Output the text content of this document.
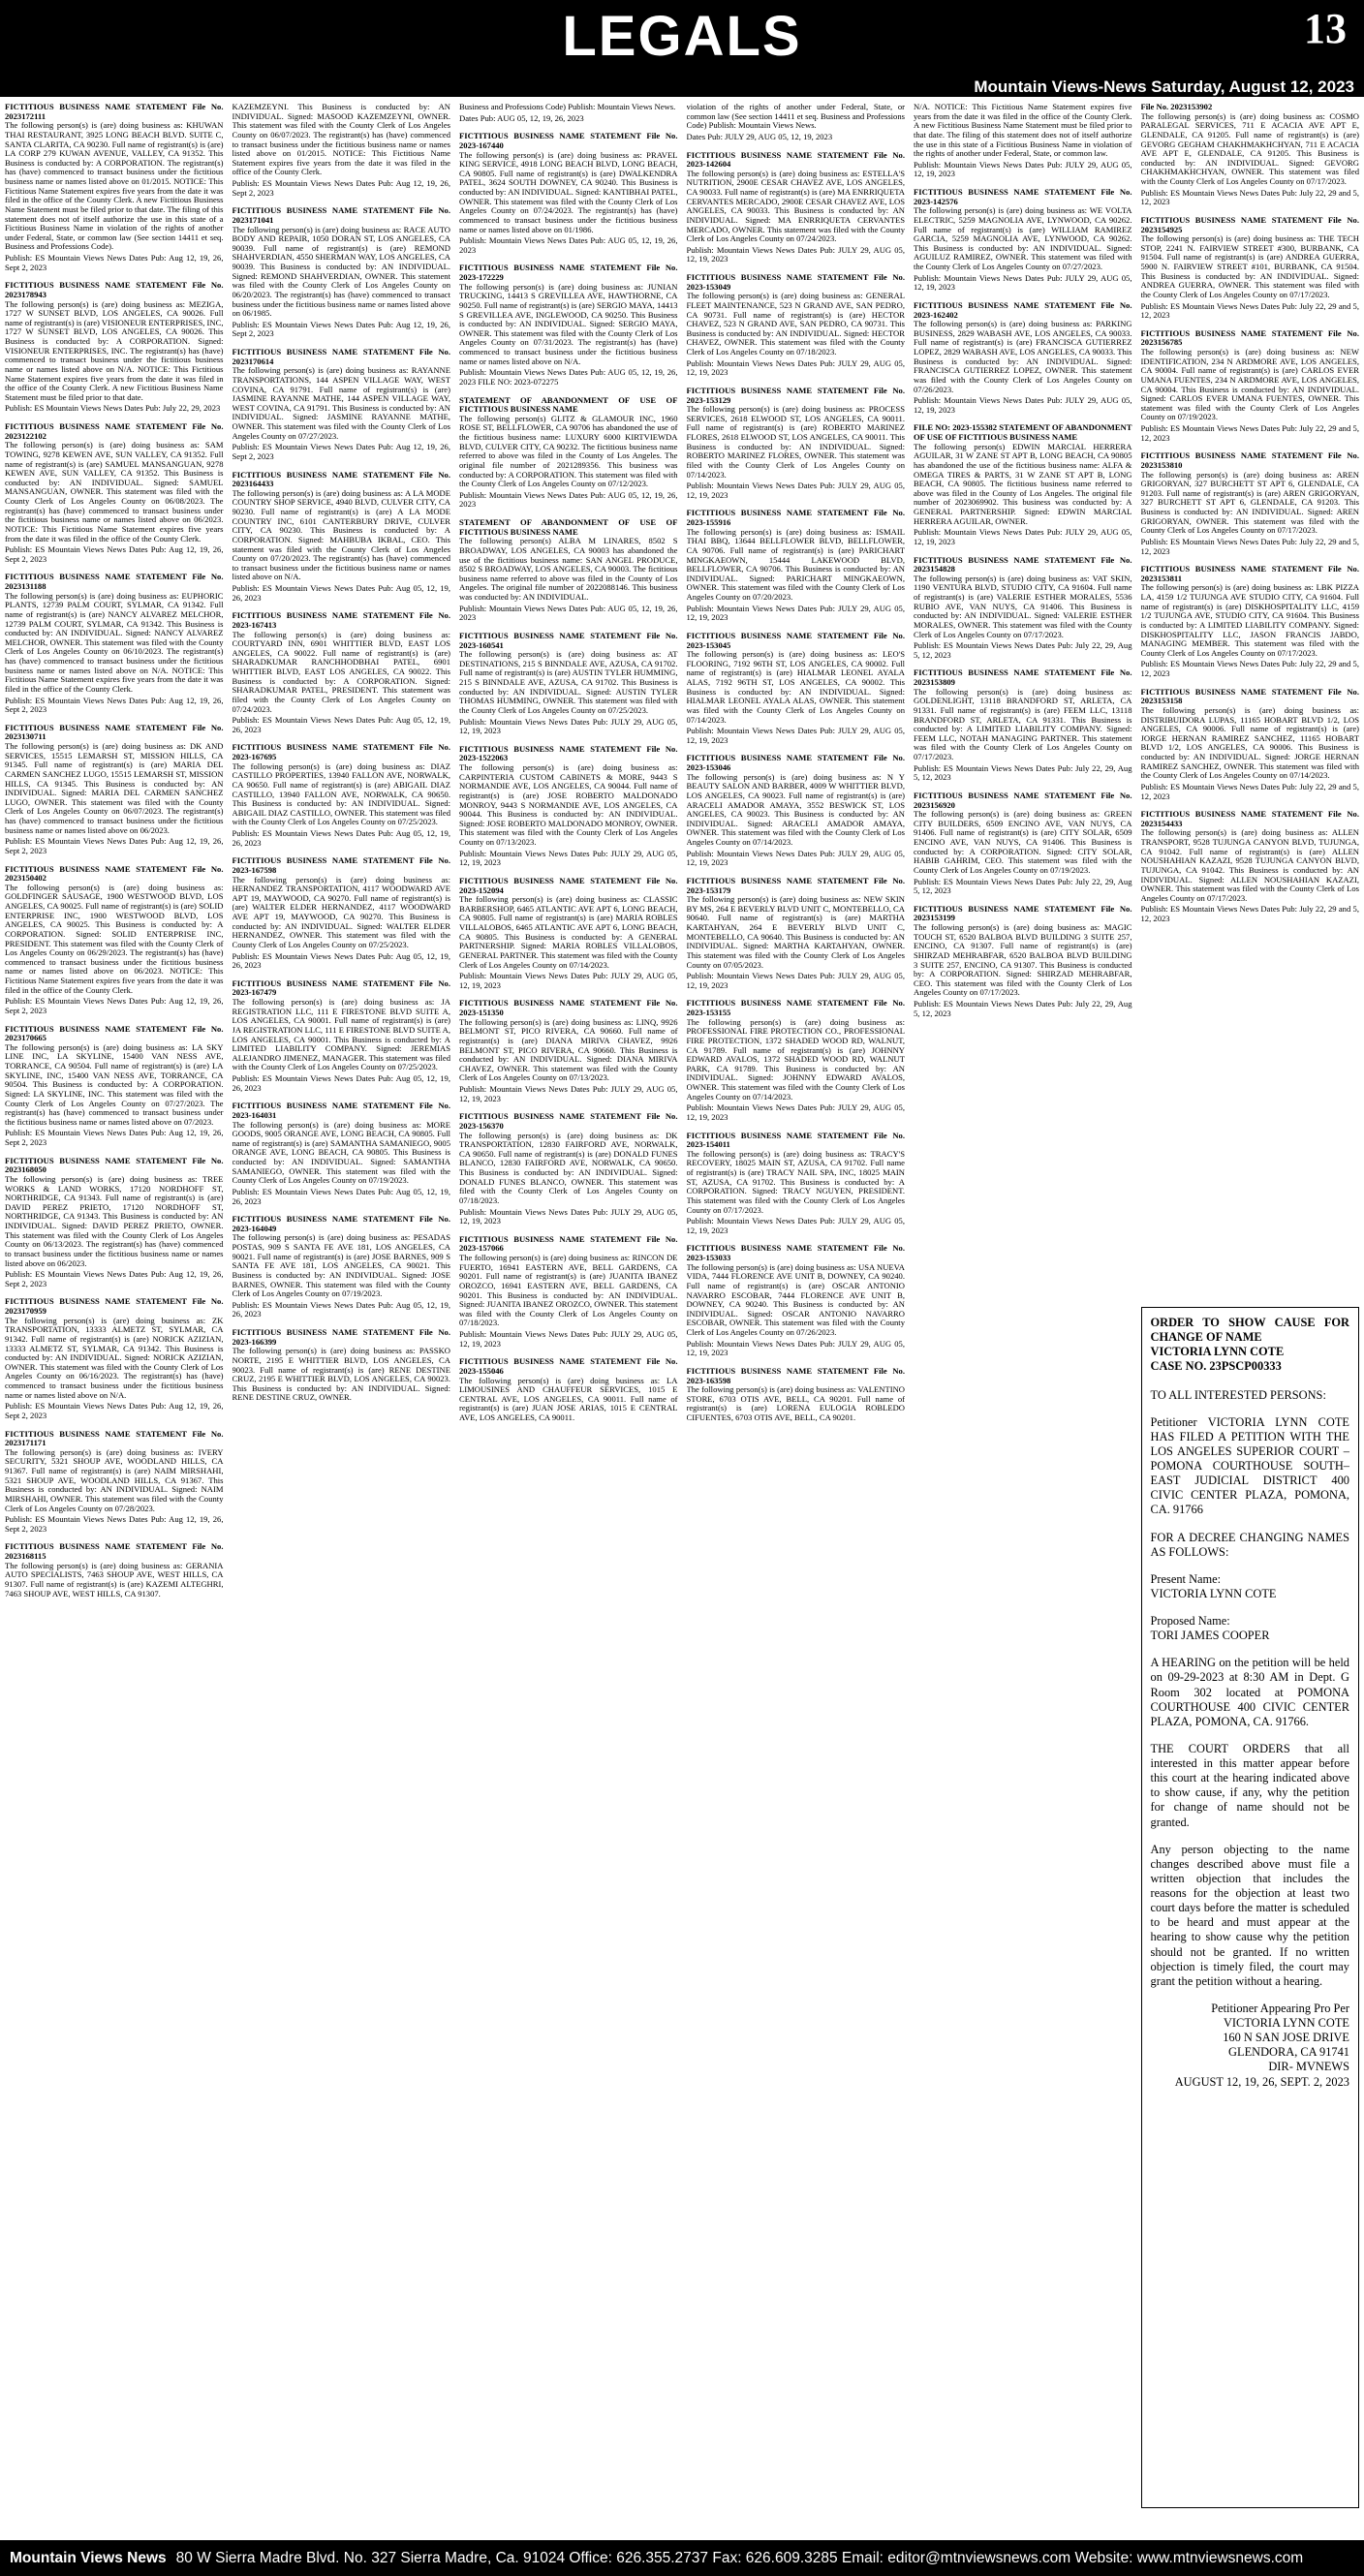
LEGALS	13
Mountain Views-News Saturday, August 12, 2023

FICTITIOUS BUSINESS NAME STATEMENT File No. 2023172111

The following person(s) is (are) doing business as: KHUWAN THAI RESTAURANT, 3925 LONG BEACH BLVD. SUITE C, SANTA CLARITA, CA 90230. Full name of registrant(s) is (are) LA CORP 279 KUWAN AVENUE, VALLEY, CA 91352. This Business is conducted by: A CORPORATION. The registrant(s) has (have) commenced to transact business under the fictitious business name or names listed above on 01/2015. NOTICE: This Fictitious Name Statement expires five years from the date it was filed in the office of the County Clerk. A new Fictitious Business Name Statement must be filed prior to that date. The filing of this statement does not of itself authorize the use in this state of a Fictitious Business Name in violation of the rights of another under Federal, State, or common law (See section 14411 et seq. Business and Professions Code).

Publish: ES Mountain Views News Dates Pub: Aug 12, 19, 26, Sept 2, 2023

FICTITIOUS BUSINESS NAME STATEMENT File No. 2023178943

The following person(s) is (are) doing business as: MEZIGA, 1727 W SUNSET BLVD, LOS ANGELES, CA 90026. Full name of registrant(s) is (are) VISIONEUR ENTERPRISES, INC, 1727 W SUNSET BLVD, LOS ANGELES, CA 90026. This Business is conducted by: A CORPORATION. Signed: VISIONEUR ENTERPRISES, INC. The registrant(s) has (have) commenced to transact business under the fictitious business name or names listed above on N/A. NOTICE: This Fictitious Name Statement expires five years from the date it was filed in the office of the County Clerk. A new Fictitious Business Name Statement must be filed prior to that date.

Publish: ES Mountain Views News Dates Pub: July 22, 29, 2023

FICTITIOUS BUSINESS NAME STATEMENT File No. 2023122102

The following person(s) is (are) doing business as: SAM TOWING, 9278 KEWEN AVE, SUN VALLEY, CA 91352. Full name of registrant(s) is (are) SAMUEL MANSANGUAN, 9278 KEWEN AVE, SUN VALLEY, CA 91352. This Business is conducted by: AN INDIVIDUAL. Signed: SAMUEL MANSANGUAN, OWNER. This statement was filed with the County Clerk of Los Angeles County on 06/08/2023. The registrant(s) has (have) commenced to transact business under the fictitious business name or names listed above on 06/2023. NOTICE: This Fictitious Name Statement expires five years from the date it was filed in the office of the County Clerk.

Publish: ES Mountain Views News Dates Pub: Aug 12, 19, 26, Sept 2, 2023

FICTITIOUS BUSINESS NAME STATEMENT File No. 2023131188

The following person(s) is (are) doing business as: EUPHORIC PLANTS, 12739 PALM COURT, SYLMAR, CA 91342. Full name of registrant(s) is (are) NANCY ALVAREZ MELCHOR, 12739 PALM COURT, SYLMAR, CA 91342. This Business is conducted by: AN INDIVIDUAL. Signed: NANCY ALVAREZ MELCHOR, OWNER. This statement was filed with the County Clerk of Los Angeles County on 06/10/2023. The registrant(s) has (have) commenced to transact business under the fictitious business name or names listed above on N/A. NOTICE: This Fictitious Name Statement expires five years from the date it was filed in the office of the County Clerk.

Publish: ES Mountain Views News Dates Pub: Aug 12, 19, 26, Sept 2, 2023

FICTITIOUS BUSINESS NAME STATEMENT File No. 2023130711

The following person(s) is (are) doing business as: DK AND SERVICES, 15515 LEMARSH ST, MISSION HILLS, CA 91345. Full name of registrant(s) is (are) MARIA DEL CARMEN SANCHEZ LUGO, 15515 LEMARSH ST, MISSION HILLS, CA 91345. This Business is conducted by: AN INDIVIDUAL. Signed: MARIA DEL CARMEN SANCHEZ LUGO, OWNER. This statement was filed with the County Clerk of Los Angeles County on 06/07/2023. The registrant(s) has (have) commenced to transact business under the fictitious business name or names listed above on 06/2023.

Publish: ES Mountain Views News Dates Pub: Aug 12, 19, 26, Sept 2, 2023

FICTITIOUS BUSINESS NAME STATEMENT File No. 2023150402

The following person(s) is (are) doing business as: GOLDFINGER SAUSAGE, 1900 WESTWOOD BLVD, LOS ANGELES, CA 90025. Full name of registrant(s) is (are) SOLID ENTERPRISE INC, 1900 WESTWOOD BLVD, LOS ANGELES, CA 90025. This Business is conducted by: A CORPORATION. Signed: SOLID ENTERPRISE INC, PRESIDENT. This statement was filed with the County Clerk of Los Angeles County on 06/29/2023. The registrant(s) has (have) commenced to transact business under the fictitious business name or names listed above on 06/2023. NOTICE: This Fictitious Name Statement expires five years from the date it was filed in the office of the County Clerk.

Publish: ES Mountain Views News Dates Pub: Aug 12, 19, 26, Sept 2, 2023

FICTITIOUS BUSINESS NAME STATEMENT File No. 2023170665

The following person(s) is (are) doing business as: LA SKY LINE INC, LA SKYLINE, 15400 VAN NESS AVE, TORRANCE, CA 90504. Full name of registrant(s) is (are) LA SKYLINE, INC, 15400 VAN NESS AVE, TORRANCE, CA 90504. This Business is conducted by: A CORPORATION. Signed: LA SKYLINE, INC. This statement was filed with the County Clerk of Los Angeles County on 07/27/2023. The registrant(s) has (have) commenced to transact business under the fictitious business name or names listed above on 07/2023.

Publish: ES Mountain Views News Dates Pub: Aug 12, 19, 26, Sept 2, 2023

FICTITIOUS BUSINESS NAME STATEMENT File No. 2023168050

The following person(s) is (are) doing business as: TREE WORKS & LAND WORKS, 17120 NORDHOFF ST, NORTHRIDGE, CA 91343. Full name of registrant(s) is (are) DAVID PEREZ PRIETO, 17120 NORDHOFF ST, NORTHRIDGE, CA 91343. This Business is conducted by: AN INDIVIDUAL. Signed: DAVID PEREZ PRIETO, OWNER. This statement was filed with the County Clerk of Los Angeles County on 06/13/2023. The registrant(s) has (have) commenced to transact business under the fictitious business name or names listed above on 06/2023.

Publish: ES Mountain Views News Dates Pub: Aug 12, 19, 26, Sept 2, 2023

FICTITIOUS BUSINESS NAME STATEMENT File No. 2023170959

The following person(s) is (are) doing business as: ZK TRANSPORTATION, 13333 ALMETZ ST, SYLMAR, CA 91342. Full name of registrant(s) is (are) NORICK AZIZIAN, 13333 ALMETZ ST, SYLMAR, CA 91342. This Business is conducted by: AN INDIVIDUAL. Signed: NORICK AZIZIAN, OWNER. This statement was filed with the County Clerk of Los Angeles County on 06/16/2023. The registrant(s) has (have) commenced to transact business under the fictitious business name or names listed above on N/A.

Publish: ES Mountain Views News Dates Pub: Aug 12, 19, 26, Sept 2, 2023

FICTITIOUS BUSINESS NAME STATEMENT File No. 2023171171

The following person(s) is (are) doing business as: IVERY SECURITY, 5321 SHOUP AVE, WOODLAND HILLS, CA 91367. Full name of registrant(s) is (are) NAIM MIRSHAHI, 5321 SHOUP AVE, WOODLAND HILLS, CA 91367. This Business is conducted by: AN INDIVIDUAL. Signed: NAIM MIRSHAHI, OWNER. This statement was filed with the County Clerk of Los Angeles County on 07/28/2023.

Publish: ES Mountain Views News Dates Pub: Aug 12, 19, 26, Sept 2, 2023

FICTITIOUS BUSINESS NAME STATEMENT File No. 2023168115

The following person(s) is (are) doing business as: GERANIA AUTO SPECIALISTS, 7463 SHOUP AVE, WEST HILLS, CA 91307. Full name of registrant(s) is (are) KAZEMI ALTEGHRI, 7463 SHOUP AVE, WEST HILLS, CA 91307.

KAZEMZEYNI. This Business is conducted by: AN INDIVIDUAL. Signed: MASOOD KAZEMZEYNI, OWNER. This statement was filed with the County Clerk of Los Angeles County on 06/07/2023. The registrant(s) has (have) commenced to transact business under the fictitious business name or names listed above on 01/2015. NOTICE: This Fictitious Name Statement expires five years from the date it was filed in the office of the County Clerk.

Publish: ES Mountain Views News Dates Pub: Aug 12, 19, 26, Sept 2, 2023

FICTITIOUS BUSINESS NAME STATEMENT File No. 2023171041

The following person(s) is (are) doing business as: RACE AUTO BODY AND REPAIR, 1050 DORAN ST, LOS ANGELES, CA 90039. Full name of registrant(s) is (are) REMOND SHAHVERDIAN, 4550 SHERMAN WAY, LOS ANGELES, CA 90039. This Business is conducted by: AN INDIVIDUAL. Signed: REMOND SHAHVERDIAN, OWNER. This statement was filed with the County Clerk of Los Angeles County on 06/20/2023. The registrant(s) has (have) commenced to transact business under the fictitious business name or names listed above on 06/1985.

Publish: ES Mountain Views News Dates Pub: Aug 12, 19, 26, Sept 2, 2023

FICTITIOUS BUSINESS NAME STATEMENT File No. 2023170614

The following person(s) is (are) doing business as: RAYANNE TRANSPORTATIONS, 144 ASPEN VILLAGE WAY, WEST COVINA, CA 91791. Full name of registrant(s) is (are) JASMINE RAYANNE MATHE, 144 ASPEN VILLAGE WAY, WEST COVINA, CA 91791. This Business is conducted by: AN INDIVIDUAL. Signed: JASMINE RAYANNE MATHE, OWNER. This statement was filed with the County Clerk of Los Angeles County on 07/27/2023.

Publish: ES Mountain Views News Dates Pub: Aug 12, 19, 26, Sept 2, 2023

FICTITIOUS BUSINESS NAME STATEMENT File No. 2023164433

The following person(s) is (are) doing business as: A LA MODE COUNTRY SHOP SERVICE, 4940 BLVD, CULVER CITY, CA 90230. Full name of registrant(s) is (are) A LA MODE COUNTRY INC, 6101 CANTERBURY DRIVE, CULVER CITY, CA 90230. This Business is conducted by: A CORPORATION. Signed: MAHBUBA IKBAL, CEO. This statement was filed with the County Clerk of Los Angeles County on 07/20/2023. The registrant(s) has (have) commenced to transact business under the fictitious business name or names listed above on N/A.

Publish: ES Mountain Views News Dates Pub: Aug 05, 12, 19, 26, 2023

FICTITIOUS BUSINESS NAME STATEMENT File No. 2023-167413

The following person(s) is (are) doing business as: COURTYARD INN, 6901 WHITTIER BLVD, EAST LOS ANGELES, CA 90022. Full name of registrant(s) is (are) SHARADKUMAR RANCHHODBHAI PATEL, 6901 WHITTIER BLVD, EAST LOS ANGELES, CA 90022. This Business is conducted by: A CORPORATION. Signed: SHARADKUMAR PATEL, PRESIDENT. This statement was filed with the County Clerk of Los Angeles County on 07/24/2023.

Publish: ES Mountain Views News Dates Pub: Aug 05, 12, 19, 26, 2023

FICTITIOUS BUSINESS NAME STATEMENT File No. 2023-167695

The following person(s) is (are) doing business as: DIAZ CASTILLO PROPERTIES, 13940 FALLON AVE, NORWALK, CA 90650. Full name of registrant(s) is (are) ABIGAIL DIAZ CASTILLO, 13940 FALLON AVE, NORWALK, CA 90650. This Business is conducted by: AN INDIVIDUAL. Signed: ABIGAIL DIAZ CASTILLO, OWNER. This statement was filed with the County Clerk of Los Angeles County on 07/25/2023.

Publish: ES Mountain Views News Dates Pub: Aug 05, 12, 19, 26, 2023

FICTITIOUS BUSINESS NAME STATEMENT File No. 2023-167598

The following person(s) is (are) doing business as: HERNANDEZ TRANSPORTATION, 4117 WOODWARD AVE APT 19, MAYWOOD, CA 90270. Full name of registrant(s) is (are) WALTER ELDER HERNANDEZ, 4117 WOODWARD AVE APT 19, MAYWOOD, CA 90270. This Business is conducted by: AN INDIVIDUAL. Signed: WALTER ELDER HERNANDEZ, OWNER. This statement was filed with the County Clerk of Los Angeles County on 07/25/2023.

Publish: ES Mountain Views News Dates Pub: Aug 05, 12, 19, 26, 2023

FICTITIOUS BUSINESS NAME STATEMENT File No. 2023-167479

The following person(s) is (are) doing business as: JA REGISTRATION LLC, 111 E FIRESTONE BLVD SUITE A, LOS ANGELES, CA 90001. Full name of registrant(s) is (are) JA REGISTRATION LLC, 111 E FIRESTONE BLVD SUITE A, LOS ANGELES, CA 90001. This Business is conducted by: A LIMITED LIABILITY COMPANY. Signed: JEREMIAS ALEJANDRO JIMENEZ, MANAGER. This statement was filed with the County Clerk of Los Angeles County on 07/25/2023.

Publish: ES Mountain Views News Dates Pub: Aug 05, 12, 19, 26, 2023

FICTITIOUS BUSINESS NAME STATEMENT File No. 2023-164031

The following person(s) is (are) doing business as: MORE GOODS, 9005 ORANGE AVE, LONG BEACH, CA 90805. Full name of registrant(s) is (are) SAMANTHA SAMANIEGO, 9005 ORANGE AVE, LONG BEACH, CA 90805. This Business is conducted by: AN INDIVIDUAL. Signed: SAMANTHA SAMANIEGO, OWNER. This statement was filed with the County Clerk of Los Angeles County on 07/19/2023.

Publish: ES Mountain Views News Dates Pub: Aug 05, 12, 19, 26, 2023

FICTITIOUS BUSINESS NAME STATEMENT File No. 2023-164049

The following person(s) is (are) doing business as: PESADAS POSTAS, 909 S SANTA FE AVE 181, LOS ANGELES, CA 90021. Full name of registrant(s) is (are) JOSE BARNES, 909 S SANTA FE AVE 181, LOS ANGELES, CA 90021. This Business is conducted by: AN INDIVIDUAL. Signed: JOSE BARNES, OWNER. This statement was filed with the County Clerk of Los Angeles County on 07/19/2023.

Publish: ES Mountain Views News Dates Pub: Aug 05, 12, 19, 26, 2023

FICTITIOUS BUSINESS NAME STATEMENT File No. 2023-166399

The following person(s) is (are) doing business as: PASSKO NORTE, 2195 E WHITTIER BLVD, LOS ANGELES, CA 90023. Full name of registrant(s) is (are) RENE DESTINE CRUZ, 2195 E WHITTIER BLVD, LOS ANGELES, CA 90023. This Business is conducted by: AN INDIVIDUAL. Signed: RENE DESTINE CRUZ, OWNER.

Business and Professions Code) Publish: Mountain Views News.

Dates Pub: AUG 05, 12, 19, 26, 2023

FICTITIOUS BUSINESS NAME STATEMENT File No. 2023-167440

The following person(s) is (are) doing business as: PRAVEL KING SERVICE, 4918 LONG BEACH BLVD, LONG BEACH, CA 90805. Full name of registrant(s) is (are) DWALKENDRA PATEL, 3624 SOUTH DOWNEY, CA 90240. This Business is conducted by: AN INDIVIDUAL. Signed: KANTIBHAI PATEL, OWNER. This statement was filed with the County Clerk of Los Angeles County on 07/24/2023. The registrant(s) has (have) commenced to transact business under the fictitious business name or names listed above on 01/1986.

Publish: Mountain Views News Dates Pub: AUG 05, 12, 19, 26, 2023

FICTITIOUS BUSINESS NAME STATEMENT File No. 2023-172229

The following person(s) is (are) doing business as: JUNIAN TRUCKING, 14413 S GREVILLEA AVE, HAWTHORNE, CA 90250. Full name of registrant(s) is (are) SERGIO MAYA, 14413 S GREVILLEA AVE, INGLEWOOD, CA 90250. This Business is conducted by: AN INDIVIDUAL. Signed: SERGIO MAYA, OWNER. This statement was filed with the County Clerk of Los Angeles County on 07/31/2023. The registrant(s) has (have) commenced to transact business under the fictitious business name or names listed above on N/A.

Publish: Mountain Views News Dates Pub: AUG 05, 12, 19, 26, 2023 FILE NO: 2023-072275

STATEMENT OF ABANDONMENT OF USE OF FICTITIOUS BUSINESS NAME

The following person(s) GLITZ & GLAMOUR INC, 1960 ROSE ST, BELLFLOWER, CA 90706 has abandoned the use of the fictitious business name: LUXURY 6000 KIRTVIEWDA BLVD, CULVER CITY, CA 90232. The fictitious business name referred to above was filed in the County of Los Angeles. The original file number of 2021289356. This business was conducted by: A CORPORATION. This statement was filed with the County Clerk of Los Angeles County on 07/12/2023.

Publish: Mountain Views News Dates Pub: AUG 05, 12, 19, 26, 2023

STATEMENT OF ABANDONMENT OF USE OF FICTITIOUS BUSINESS NAME

The following person(s) ALBA M LINARES, 8502 S BROADWAY, LOS ANGELES, CA 90003 has abandoned the use of the fictitious business name: SAN ANGEL PRODUCE, 8502 S BROADWAY, LOS ANGELES, CA 90003. The fictitious business name referred to above was filed in the County of Los Angeles. The original file number of 2022088146. This business was conducted by: AN INDIVIDUAL.

Publish: Mountain Views News Dates Pub: AUG 05, 12, 19, 26, 2023

FICTITIOUS BUSINESS NAME STATEMENT File No. 2023-160541

The following person(s) is (are) doing business as: AT DESTINATIONS, 215 S BINNDALE AVE, AZUSA, CA 91702. Full name of registrant(s) is (are) AUSTIN TYLER HUMMING, 215 S BINNDALE AVE, AZUSA, CA 91702. This Business is conducted by: AN INDIVIDUAL. Signed: AUSTIN TYLER THOMAS HUMMING, OWNER. This statement was filed with the County Clerk of Los Angeles County on 07/25/2023.

Publish: Mountain Views News Dates Pub: JULY 29, AUG 05, 12, 19, 2023

FICTITIOUS BUSINESS NAME STATEMENT File No. 2023-1522063

The following person(s) is (are) doing business as: CARPINTERIA CUSTOM CABINETS & MORE, 9443 S NORMANDIE AVE, LOS ANGELES, CA 90044. Full name of registrant(s) is (are) JOSE ROBERTO MALDONADO MONROY, 9443 S NORMANDIE AVE, LOS ANGELES, CA 90044. This Business is conducted by: AN INDIVIDUAL. Signed: JOSE ROBERTO MALDONADO MONROY, OWNER. This statement was filed with the County Clerk of Los Angeles County on 07/13/2023.

Publish: Mountain Views News Dates Pub: JULY 29, AUG 05, 12, 19, 2023

FICTITIOUS BUSINESS NAME STATEMENT File No. 2023-152094

The following person(s) is (are) doing business as: CLASSIC BARBERSHOP, 6465 ATLANTIC AVE APT 6, LONG BEACH, CA 90805. Full name of registrant(s) is (are) MARIA ROBLES VILLALOBOS, 6465 ATLANTIC AVE APT 6, LONG BEACH, CA 90805. This Business is conducted by: A GENERAL PARTNERSHIP. Signed: MARIA ROBLES VILLALOBOS, GENERAL PARTNER. This statement was filed with the County Clerk of Los Angeles County on 07/14/2023.

Publish: Mountain Views News Dates Pub: JULY 29, AUG 05, 12, 19, 2023

FICTITIOUS BUSINESS NAME STATEMENT File No. 2023-151350

The following person(s) is (are) doing business as: LINQ, 9926 BELMONT ST, PICO RIVERA, CA 90660. Full name of registrant(s) is (are) DIANA MIRIVA CHAVEZ, 9926 BELMONT ST, PICO RIVERA, CA 90660. This Business is conducted by: AN INDIVIDUAL. Signed: DIANA MIRIVA CHAVEZ, OWNER. This statement was filed with the County Clerk of Los Angeles County on 07/13/2023.

Publish: Mountain Views News Dates Pub: JULY 29, AUG 05, 12, 19, 2023

FICTITIOUS BUSINESS NAME STATEMENT File No. 2023-156370

The following person(s) is (are) doing business as: DK TRANSPORTATION, 12830 FAIRFORD AVE, NORWALK, CA 90650. Full name of registrant(s) is (are) DONALD FUNES BLANCO, 12830 FAIRFORD AVE, NORWALK, CA 90650. This Business is conducted by: AN INDIVIDUAL. Signed: DONALD FUNES BLANCO, OWNER. This statement was filed with the County Clerk of Los Angeles County on 07/18/2023.

Publish: Mountain Views News Dates Pub: JULY 29, AUG 05, 12, 19, 2023

FICTITIOUS BUSINESS NAME STATEMENT File No. 2023-157066

The following person(s) is (are) doing business as: RINCON DE FUERTO, 16941 EASTERN AVE, BELL GARDENS, CA 90201. Full name of registrant(s) is (are) JUANITA IBANEZ OROZCO, 16941 EASTERN AVE, BELL GARDENS, CA 90201. This Business is conducted by: AN INDIVIDUAL. Signed: JUANITA IBANEZ OROZCO, OWNER. This statement was filed with the County Clerk of Los Angeles County on 07/18/2023.

Publish: Mountain Views News Dates Pub: JULY 29, AUG 05, 12, 19, 2023

FICTITIOUS BUSINESS NAME STATEMENT File No. 2023-155046

The following person(s) is (are) doing business as: LA LIMOUSINES AND CHAUFFEUR SERVICES, 1015 E CENTRAL AVE, LOS ANGELES, CA 90011. Full name of registrant(s) is (are) JUAN JOSE ARIAS, 1015 E CENTRAL AVE, LOS ANGELES, CA 90011.

violation of the rights of another under Federal, State, or common law (See section 14411 et seq. Business and Professions Code) Publish: Mountain Views News.

Dates Pub: JULY 29, AUG 05, 12, 19, 2023

FICTITIOUS BUSINESS NAME STATEMENT File No. 2023-142604

The following person(s) is (are) doing business as: ESTELLA'S NUTRITION, 2900E CESAR CHAVEZ AVE, LOS ANGELES, CA 90033. Full name of registrant(s) is (are) MA ENRRIQUETA CERVANTES MERCADO, 2900E CESAR CHAVEZ AVE, LOS ANGELES, CA 90033. This Business is conducted by: AN INDIVIDUAL. Signed: MA ENRRIQUETA CERVANTES MERCADO, OWNER. This statement was filed with the County Clerk of Los Angeles County on 07/24/2023.

Publish: Mountain Views News Dates Pub: JULY 29, AUG 05, 12, 19, 2023

FICTITIOUS BUSINESS NAME STATEMENT File No. 2023-153049

The following person(s) is (are) doing business as: GENERAL FLEET MAINTENANCE, 523 N GRAND AVE, SAN PEDRO, CA 90731. Full name of registrant(s) is (are) HECTOR CHAVEZ, 523 N GRAND AVE, SAN PEDRO, CA 90731. This Business is conducted by: AN INDIVIDUAL. Signed: HECTOR CHAVEZ, OWNER. This statement was filed with the County Clerk of Los Angeles County on 07/18/2023.

Publish: Mountain Views News Dates Pub: JULY 29, AUG 05, 12, 19, 2023

FICTITIOUS BUSINESS NAME STATEMENT File No. 2023-153129

The following person(s) is (are) doing business as: PROCESS SERVICES, 2618 ELWOOD ST, LOS ANGELES, CA 90011. Full name of registrant(s) is (are) ROBERTO MARINEZ FLORES, 2618 ELWOOD ST, LOS ANGELES, CA 90011. This Business is conducted by: AN INDIVIDUAL. Signed: ROBERTO MARINEZ FLORES, OWNER. This statement was filed with the County Clerk of Los Angeles County on 07/14/2023.

Publish: Mountain Views News Dates Pub: JULY 29, AUG 05, 12, 19, 2023

FICTITIOUS BUSINESS NAME STATEMENT File No. 2023-155916

The following person(s) is (are) doing business as: ISMAIL THAI BBQ, 13644 BELLFLOWER BLVD, BELLFLOWER, CA 90706. Full name of registrant(s) is (are) PARICHART MINGKAEOWN, 15444 LAKEWOOD BLVD, BELLFLOWER, CA 90706. This Business is conducted by: AN INDIVIDUAL. Signed: PARICHART MINGKAEOWN, OWNER. This statement was filed with the County Clerk of Los Angeles County on 07/20/2023.

Publish: Mountain Views News Dates Pub: JULY 29, AUG 05, 12, 19, 2023

FICTITIOUS BUSINESS NAME STATEMENT File No. 2023-153045

The following person(s) is (are) doing business as: LEO'S FLOORING, 7192 96TH ST, LOS ANGELES, CA 90002. Full name of registrant(s) is (are) HIALMAR LEONEL AYALA ALAS, 7192 96TH ST, LOS ANGELES, CA 90002. This Business is conducted by: AN INDIVIDUAL. Signed: HIALMAR LEONEL AYALA ALAS, OWNER. This statement was filed with the County Clerk of Los Angeles County on 07/14/2023.

Publish: Mountain Views News Dates Pub: JULY 29, AUG 05, 12, 19, 2023

FICTITIOUS BUSINESS NAME STATEMENT File No. 2023-153046

The following person(s) is (are) doing business as: N Y BEAUTY SALON AND BARBER, 4009 W WHITTIER BLVD, LOS ANGELES, CA 90023. Full name of registrant(s) is (are) ARACELI AMADOR AMAYA, 3552 BESWICK ST, LOS ANGELES, CA 90023. This Business is conducted by: AN INDIVIDUAL. Signed: ARACELI AMADOR AMAYA, OWNER. This statement was filed with the County Clerk of Los Angeles County on 07/14/2023.

Publish: Mountain Views News Dates Pub: JULY 29, AUG 05, 12, 19, 2023

FICTITIOUS BUSINESS NAME STATEMENT File No. 2023-153179

The following person(s) is (are) doing business as: NEW SKIN BY MS, 264 E BEVERLY BLVD UNIT C, MONTEBELLO, CA 90640. Full name of registrant(s) is (are) MARTHA KARTAHYAN, 264 E BEVERLY BLVD UNIT C, MONTEBELLO, CA 90640. This Business is conducted by: AN INDIVIDUAL. Signed: MARTHA KARTAHYAN, OWNER. This statement was filed with the County Clerk of Los Angeles County on 07/05/2023.

Publish: Mountain Views News Dates Pub: JULY 29, AUG 05, 12, 19, 2023

FICTITIOUS BUSINESS NAME STATEMENT File No. 2023-153155

The following person(s) is (are) doing business as: PROFESSIONAL FIRE PROTECTION CO., PROFESSIONAL FIRE PROTECTION, 1372 SHADED WOOD RD, WALNUT, CA 91789. Full name of registrant(s) is (are) JOHNNY EDWARD AVALOS, 1372 SHADED WOOD RD, WALNUT PARK, CA 91789. This Business is conducted by: AN INDIVIDUAL. Signed: JOHNNY EDWARD AVALOS, OWNER. This statement was filed with the County Clerk of Los Angeles County on 07/14/2023.

Publish: Mountain Views News Dates Pub: JULY 29, AUG 05, 12, 19, 2023

FICTITIOUS BUSINESS NAME STATEMENT File No. 2023-154011

The following person(s) is (are) doing business as: TRACY'S RECOVERY, 18025 MAIN ST, AZUSA, CA 91702. Full name of registrant(s) is (are) TRACY NAIL SPA, INC, 18025 MAIN ST, AZUSA, CA 91702. This Business is conducted by: A CORPORATION. Signed: TRACY NGUYEN, PRESIDENT. This statement was filed with the County Clerk of Los Angeles County on 07/17/2023.

Publish: Mountain Views News Dates Pub: JULY 29, AUG 05, 12, 19, 2023

FICTITIOUS BUSINESS NAME STATEMENT File No. 2023-153033

The following person(s) is (are) doing business as: USA NUEVA VIDA, 7444 FLORENCE AVE UNIT B, DOWNEY, CA 90240. Full name of registrant(s) is (are) OSCAR ANTONIO NAVARRO ESCOBAR, 7444 FLORENCE AVE UNIT B, DOWNEY, CA 90240. This Business is conducted by: AN INDIVIDUAL. Signed: OSCAR ANTONIO NAVARRO ESCOBAR, OWNER. This statement was filed with the County Clerk of Los Angeles County on 07/26/2023.

Publish: Mountain Views News Dates Pub: JULY 29, AUG 05, 12, 19, 2023

FICTITIOUS BUSINESS NAME STATEMENT File No. 2023-163598

The following person(s) is (are) doing business as: VALENTINO STORE, 6703 OTIS AVE, BELL, CA 90201. Full name of registrant(s) is (are) LORENA EULOGIA ROBLEDO CIFUENTES, 6703 OTIS AVE, BELL, CA 90201.

N/A. NOTICE: This Fictitious Name Statement expires five years from the date it was filed in the office of the County Clerk. A new Fictitious Business Name Statement must be filed prior to that date. The filing of this statement does not of itself authorize the use in this state of a Fictitious Business Name in violation of the rights of another under Federal, State, or common law.

Publish: Mountain Views News Dates Pub: JULY 29, AUG 05, 12, 19, 2023

FICTITIOUS BUSINESS NAME STATEMENT File No. 2023-142576

The following person(s) is (are) doing business as: WE VOLTA ELECTRIC, 5259 MAGNOLIA AVE, LYNWOOD, CA 90262. Full name of registrant(s) is (are) WILLIAM RAMIREZ GARCIA, 5259 MAGNOLIA AVE, LYNWOOD, CA 90262. This Business is conducted by: AN INDIVIDUAL. Signed: AGUILUZ RAMIREZ, OWNER. This statement was filed with the County Clerk of Los Angeles County on 07/27/2023.

Publish: Mountain Views News Dates Pub: JULY 29, AUG 05, 12, 19, 2023

FICTITIOUS BUSINESS NAME STATEMENT File No. 2023-162402

The following person(s) is (are) doing business as: PARKING BUSINESS, 2829 WABASH AVE, LOS ANGELES, CA 90033. Full name of registrant(s) is (are) FRANCISCA GUTIERREZ LOPEZ, 2829 WABASH AVE, LOS ANGELES, CA 90033. This Business is conducted by: AN INDIVIDUAL. Signed: FRANCISCA GUTIERREZ LOPEZ, OWNER. This statement was filed with the County Clerk of Los Angeles County on 07/26/2023.

Publish: Mountain Views News Dates Pub: JULY 29, AUG 05, 12, 19, 2023

FILE NO: 2023-155382 STATEMENT OF ABANDONMENT OF USE OF FICTITIOUS BUSINESS NAME

The following person(s) EDWIN MARCIAL HERRERA AGUILAR, 31 W ZANE ST APT B, LONG BEACH, CA 90805 has abandoned the use of the fictitious business name: ALFA & OMEGA TIRES & PARTS, 31 W ZANE ST APT B, LONG BEACH, CA 90805. The fictitious business name referred to above was filed in the County of Los Angeles. The original file number of 2023069902. This business was conducted by: A GENERAL PARTNERSHIP. Signed: EDWIN MARCIAL HERRERA AGUILAR, OWNER.

Publish: Mountain Views News Dates Pub: JULY 29, AUG 05, 12, 19, 2023

FICTITIOUS BUSINESS NAME STATEMENT File No. 2023154828

The following person(s) is (are) doing business as: VAT SKIN, 1190 VENTURA BLVD, STUDIO CITY, CA 91604. Full name of registrant(s) is (are) VALERIE ESTHER MORALES, 5536 RUBIO AVE, VAN NUYS, CA 91406. This Business is conducted by: AN INDIVIDUAL. Signed: VALERIE ESTHER MORALES, OWNER. This statement was filed with the County Clerk of Los Angeles County on 07/17/2023.

Publish: ES Mountain Views News Dates Pub: July 22, 29, Aug 5, 12, 2023

FICTITIOUS BUSINESS NAME STATEMENT File No. 2023153809

The following person(s) is (are) doing business as: GOLDENLIGHT, 13118 BRANDFORD ST, ARLETA, CA 91331. Full name of registrant(s) is (are) FEEM LLC, 13118 BRANDFORD ST, ARLETA, CA 91331. This Business is conducted by: A LIMITED LIABILITY COMPANY. Signed: FEEM LLC, NOTAH MANAGING PARTNER. This statement was filed with the County Clerk of Los Angeles County on 07/17/2023.

Publish: ES Mountain Views News Dates Pub: July 22, 29, Aug 5, 12, 2023

FICTITIOUS BUSINESS NAME STATEMENT File No. 2023156920

The following person(s) is (are) doing business as: GREEN CITY BUILDERS, 6509 ENCINO AVE, VAN NUYS, CA 91406. Full name of registrant(s) is (are) CITY SOLAR, 6509 ENCINO AVE, VAN NUYS, CA 91406. This Business is conducted by: A CORPORATION. Signed: CITY SOLAR, HABIB GAHRIM, CEO. This statement was filed with the County Clerk of Los Angeles County on 07/19/2023.

Publish: ES Mountain Views News Dates Pub: July 22, 29, Aug 5, 12, 2023

FICTITIOUS BUSINESS NAME STATEMENT File No. 2023153199

The following person(s) is (are) doing business as: MAGIC TOUCH ST, 6520 BALBOA BLVD BUILDING 3 SUITE 257, ENCINO, CA 91307. Full name of registrant(s) is (are) SHIRZAD MEHRABFAR, 6520 BALBOA BLVD BUILDING 3 SUITE 257, ENCINO, CA 91307. This Business is conducted by: A CORPORATION. Signed: SHIRZAD MEHRABFAR, CEO. This statement was filed with the County Clerk of Los Angeles County on 07/17/2023.

Publish: ES Mountain Views News Dates Pub: July 22, 29, Aug 5, 12, 2023

File No. 2023153902

The following person(s) is (are) doing business as: COSMO PARALEGAL SERVICES, 711 E ACACIA AVE APT E, GLENDALE, CA 91205. Full name of registrant(s) is (are) GEVORG GEGHAM CHAKHMAKHCHYAN, 711 E ACACIA AVE APT E, GLENDALE, CA 91205. This Business is conducted by: AN INDIVIDUAL. Signed: GEVORG CHAKHMAKHCHYAN, OWNER. This statement was filed with the County Clerk of Los Angeles County on 07/17/2023.

Publish: ES Mountain Views News Dates Pub: July 22, 29 and 5, 12, 2023

FICTITIOUS BUSINESS NAME STATEMENT File No. 2023154925

The following person(s) is (are) doing business as: THE TECH STOP, 2241 N. FAIRVIEW STREET #300, BURBANK, CA 91504. Full name of registrant(s) is (are) ANDREA GUERRA, 5900 N. FAIRVIEW STREET #101, BURBANK, CA 91504. This Business is conducted by: AN INDIVIDUAL. Signed: ANDREA GUERRA, OWNER. This statement was filed with the County Clerk of Los Angeles County on 07/17/2023.

Publish: ES Mountain Views News Dates Pub: July 22, 29 and 5, 12, 2023

FICTITIOUS BUSINESS NAME STATEMENT File No. 2023156785

The following person(s) is (are) doing business as: NEW IDENTIFICATION, 234 N ARDMORE AVE, LOS ANGELES, CA 90004. Full name of registrant(s) is (are) CARLOS EVER UMANA FUENTES, 234 N ARDMORE AVE, LOS ANGELES, CA 90004. This Business is conducted by: AN INDIVIDUAL. Signed: CARLOS EVER UMANA FUENTES, OWNER. This statement was filed with the County Clerk of Los Angeles County on 07/19/2023.

Publish: ES Mountain Views News Dates Pub: July 22, 29 and 5, 12, 2023

FICTITIOUS BUSINESS NAME STATEMENT File No. 2023153810

The following person(s) is (are) doing business as: AREN GRIGORYAN, 327 BURCHETT ST APT 6, GLENDALE, CA 91203. Full name of registrant(s) is (are) AREN GRIGORYAN, 327 BURCHETT ST APT 6, GLENDALE, CA 91203. This Business is conducted by: AN INDIVIDUAL. Signed: AREN GRIGORYAN, OWNER. This statement was filed with the County Clerk of Los Angeles County on 07/17/2023.

Publish: ES Mountain Views News Dates Pub: July 22, 29 and 5, 12, 2023

FICTITIOUS BUSINESS NAME STATEMENT File No. 2023153811

The following person(s) is (are) doing business as: LBK PIZZA LA, 4159 1/2 TUJUNGA AVE STUDIO CITY, CA 91604. Full name of registrant(s) is (are) DISKHOSPITALITY LLC, 4159 1/2 TUJUNGA AVE, STUDIO CITY, CA 91604. This Business is conducted by: A LIMITED LIABILITY COMPANY. Signed: DISKHOSPITALITY LLC, JASON FRANCIS JABDO, MANAGING MEMBER. This statement was filed with the County Clerk of Los Angeles County on 07/17/2023.

Publish: ES Mountain Views News Dates Pub: July 22, 29 and 5, 12, 2023

FICTITIOUS BUSINESS NAME STATEMENT File No. 2023153158

The following person(s) is (are) doing business as: DISTRIBUIDORA LUPAS, 11165 HOBART BLVD 1/2, LOS ANGELES, CA 90006. Full name of registrant(s) is (are) JORGE HERNAN RAMIREZ SANCHEZ, 11165 HOBART BLVD 1/2, LOS ANGELES, CA 90006. This Business is conducted by: AN INDIVIDUAL. Signed: JORGE HERNAN RAMIREZ SANCHEZ, OWNER. This statement was filed with the County Clerk of Los Angeles County on 07/14/2023.

Publish: ES Mountain Views News Dates Pub: July 22, 29 and 5, 12, 2023

FICTITIOUS BUSINESS NAME STATEMENT File No. 2023154433

The following person(s) is (are) doing business as: ALLEN TRANSPORT, 9528 TUJUNGA CANYON BLVD, TUJUNGA, CA 91042. Full name of registrant(s) is (are) ALLEN NOUSHAHIAN KAZAZI, 9528 TUJUNGA CANYON BLVD, TUJUNGA, CA 91042. This Business is conducted by: AN INDIVIDUAL. Signed: ALLEN NOUSHAHIAN KAZAZI, OWNER. This statement was filed with the County Clerk of Los Angeles County on 07/17/2023.

Publish: ES Mountain Views News Dates Pub: July 22, 29 and 5, 12, 2023

ORDER TO SHOW CAUSE FOR CHANGE OF NAME
VICTORIA LYNN COTE
CASE NO. 23PSCP00333

TO ALL INTERESTED PERSONS:

Petitioner VICTORIA LYNN COTE HAS FILED A PETITION WITH THE LOS ANGELES SUPERIOR COURT –POMONA COURTHOUSE SOUTH– EAST JUDICIAL DISTRICT 400 CIVIC CENTER PLAZA, POMONA, CA. 91766

FOR A DECREE CHANGING NAMES AS FOLLOWS:

Present Name:
VICTORIA LYNN COTE

Proposed Name:
TORI JAMES COOPER

A HEARING on the petition will be held on 09-29-2023 at 8:30 AM in Dept. G Room 302 located at POMONA COURTHOUSE 400 CIVIC CENTER PLAZA, POMONA, CA. 91766.

THE COURT ORDERS that all interested in this matter appear before this court at the hearing indicated above to show cause, if any, why the petition for change of name should not be granted.

Any person objecting to the name changes described above must file a written objection that includes the reasons for the objection at least two court days before the matter is scheduled to be heard and must appear at the hearing to show cause why the petition should not be granted. If no written objection is timely filed, the court may grant the petition without a hearing.

Petitioner Appearing Pro Per

VICTORIA LYNN COTE

160 N SAN JOSE DRIVE

GLENDORA, CA 91741

DIR- MVNEWS

AUGUST 12, 19, 26, SEPT. 2, 2023

Mountain Views News 80 W Sierra Madre Blvd. No. 327 Sierra Madre, Ca. 91024 Office: 626.355.2737 Fax: 626.609.3285 Email: editor@mtnviewsnews.com Website: www.mtnviewsnews.com
